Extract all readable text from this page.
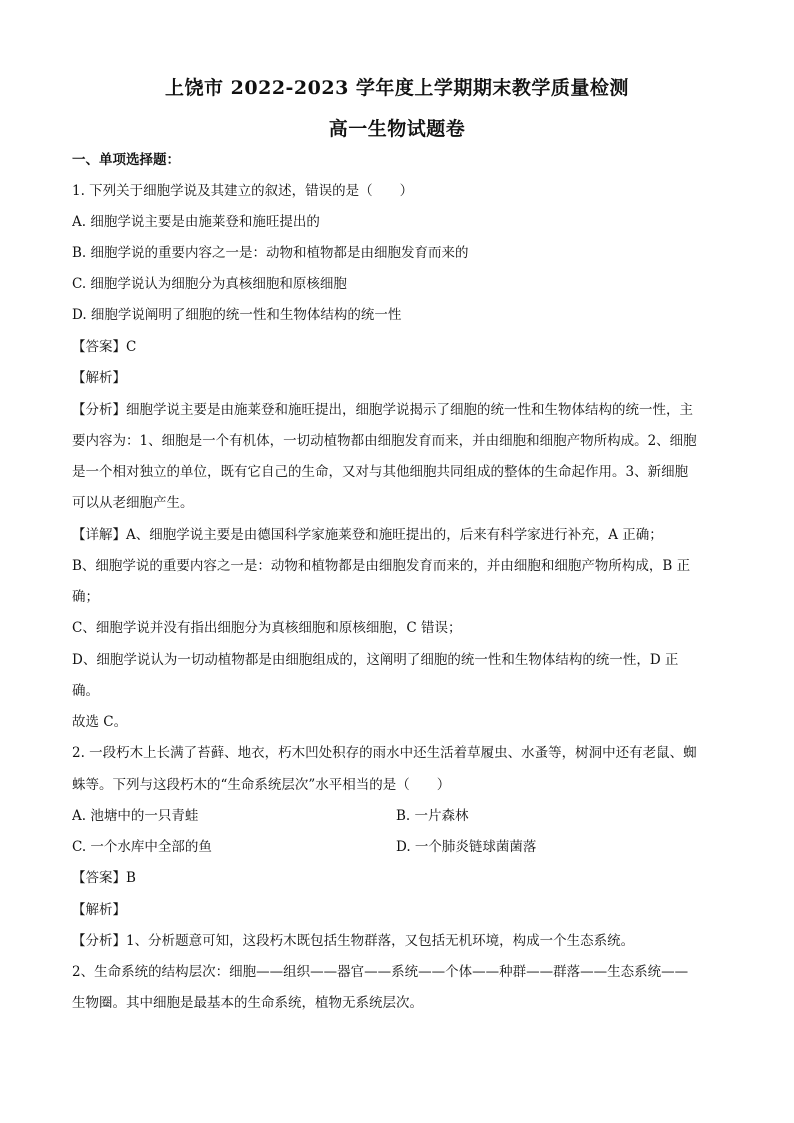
上饶市 2022-2023 学年度上学期期末教学质量检测
高一生物试题卷
一、单项选择题：
1. 下列关于细胞学说及其建立的叙述，错误的是（　　）
A. 细胞学说主要是由施莱登和施旺提出的
B. 细胞学说的重要内容之一是：动物和植物都是由细胞发育而来的
C. 细胞学说认为细胞分为真核细胞和原核细胞
D. 细胞学说阐明了细胞的统一性和生物体结构的统一性
【答案】C
【解析】
【分析】细胞学说主要是由施莱登和施旺提出，细胞学说揭示了细胞的统一性和生物体结构的统一性，主
要内容为：1、细胞是一个有机体，一切动植物都由细胞发育而来，并由细胞和细胞产物所构成。2、细胞
是一个相对独立的单位，既有它自己的生命，又对与其他细胞共同组成的整体的生命起作用。3、新细胞
可以从老细胞产生。
【详解】A、细胞学说主要是由德国科学家施莱登和施旺提出的，后来有科学家进行补充，A 正确；
B、细胞学说的重要内容之一是：动物和植物都是由细胞发育而来的，并由细胞和细胞产物所构成，B 正
确；
C、细胞学说并没有指出细胞分为真核细胞和原核细胞，C 错误；
D、细胞学说认为一切动植物都是由细胞组成的，这阐明了细胞的统一性和生物体结构的统一性，D 正
确。
故选 C。
2. 一段朽木上长满了苔藓、地衣，朽木凹处积存的雨水中还生活着草履虫、水蚤等，树洞中还有老鼠、蜘
蛛等。下列与这段朽木的“生命系统层次”水平相当的是（　　）
A. 池塘中的一只青蛙	B. 一片森林
C. 一个水库中全部的鱼	D. 一个肺炎链球菌菌落
【答案】B
【解析】
【分析】1、分析题意可知，这段朽木既包括生物群落，又包括无机环境，构成一个生态系统。
2、生命系统的结构层次：细胞——组织——器官——系统——个体——种群——群落——生态系统——
生物圈。其中细胞是最基本的生命系统，植物无系统层次。
